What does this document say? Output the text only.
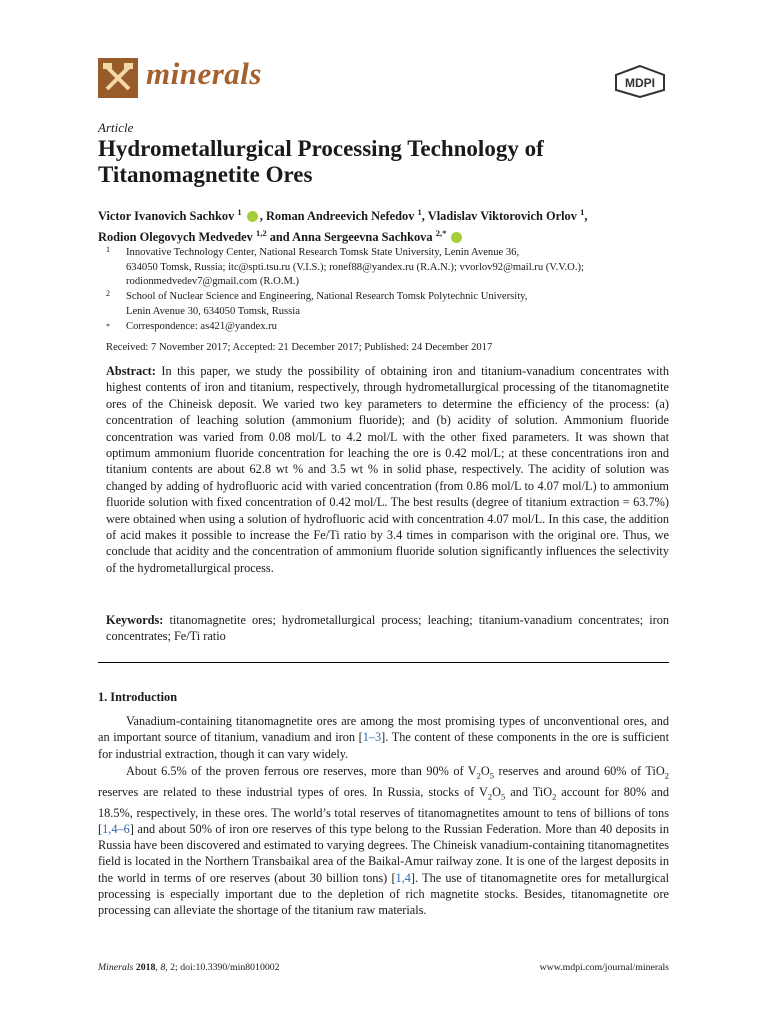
minerals	MDPI
Article
Hydrometallurgical Processing Technology of Titanomagnetite Ores
Victor Ivanovich Sachkov $^1$ , Roman Andreevich Nefedov $^1$, Vladislav Viktorovich Orlov $^1$,
Rodion Olegovych Medvedev $^{1,2}$ and Anna Sergeevna Sachkova $^{2,*}$
1 Innovative Technology Center, National Research Tomsk State University, Lenin Avenue 36,
634050 Tomsk, Russia; itc@spti.tsu.ru (V.I.S.); ronef88@yandex.ru (R.A.N.); vvorlov92@mail.ru (V.V.O.);
rodionmedvedev7@gmail.com (R.O.M.)
2 School of Nuclear Science and Engineering, National Research Tomsk Polytechnic University,
Lenin Avenue 30, 634050 Tomsk, Russia
* Correspondence: as421@yandex.ru
Received: 7 November 2017; Accepted: 21 December 2017; Published: 24 December 2017
Abstract: In this paper, we study the possibility of obtaining iron and titanium-vanadium concentrates with highest contents of iron and titanium, respectively, through hydrometallurgical processing of the titanomagnetite ores of the Chineisk deposit. We varied two key parameters to determine the efficiency of the process: (a) concentration of leaching solution (ammonium fluoride); and (b) acidity of solution. Ammonium fluoride concentration was varied from 0.08 mol/L to 4.2 mol/L with the other fixed parameters. It was shown that optimum ammonium fluoride concentration for leaching the ore is 0.42 mol/L; at these concentrations iron and titanium contents are about 62.8 wt % and 3.5 wt % in solid phase, respectively. The acidity of solution was changed by adding of hydrofluoric acid with varied concentration (from 0.86 mol/L to 4.07 mol/L) to ammonium fluoride solution with fixed concentration of 0.42 mol/L. The best results (degree of titanium extraction = 63.7%) were obtained when using a solution of hydrofluoric acid with concentration 4.07 mol/L. In this case, the addition of acid makes it possible to increase the Fe/Ti ratio by 3.4 times in comparison with the original ore. Thus, we conclude that acidity and the concentration of ammonium fluoride solution significantly influences the selectivity of the hydrometallurgical process.
Keywords: titanomagnetite ores; hydrometallurgical process; leaching; titanium-vanadium concentrates; iron concentrates; Fe/Ti ratio
1. Introduction
Vanadium-containing titanomagnetite ores are among the most promising types of unconventional ores, and an important source of titanium, vanadium and iron [1–3]. The content of these components in the ore is sufficient for industrial extraction, though it can vary widely.
About 6.5% of the proven ferrous ore reserves, more than 90% of $V_2O_5$ reserves and around 60% of TiO$_2$ reserves are related to these industrial types of ores. In Russia, stocks of $V_2O_5$ and TiO$_2$ account for 80% and 18.5%, respectively, in these ores. The world’s total reserves of titanomagnetites amount to tens of billions of tons [1,4–6] and about 50% of iron ore reserves of this type belong to the Russian Federation. More than 40 deposits in Russia have been discovered and estimated to varying degrees. The Chineisk vanadium-containing titanomagnetites field is located in the Northern Transbaikal area of the Baikal-Amur railway zone. It is one of the largest deposits in the world in terms of ore reserves (about 30 billion tons) [1,4]. The use of titanomagnetite ores for metallurgical processing is especially important due to the depletion of rich magnetite stocks. Besides, titanomagnetite ore processing can alleviate the shortage of the titanium raw materials.
Minerals 2018, 8, 2; doi:10.3390/min8010002	www.mdpi.com/journal/minerals
